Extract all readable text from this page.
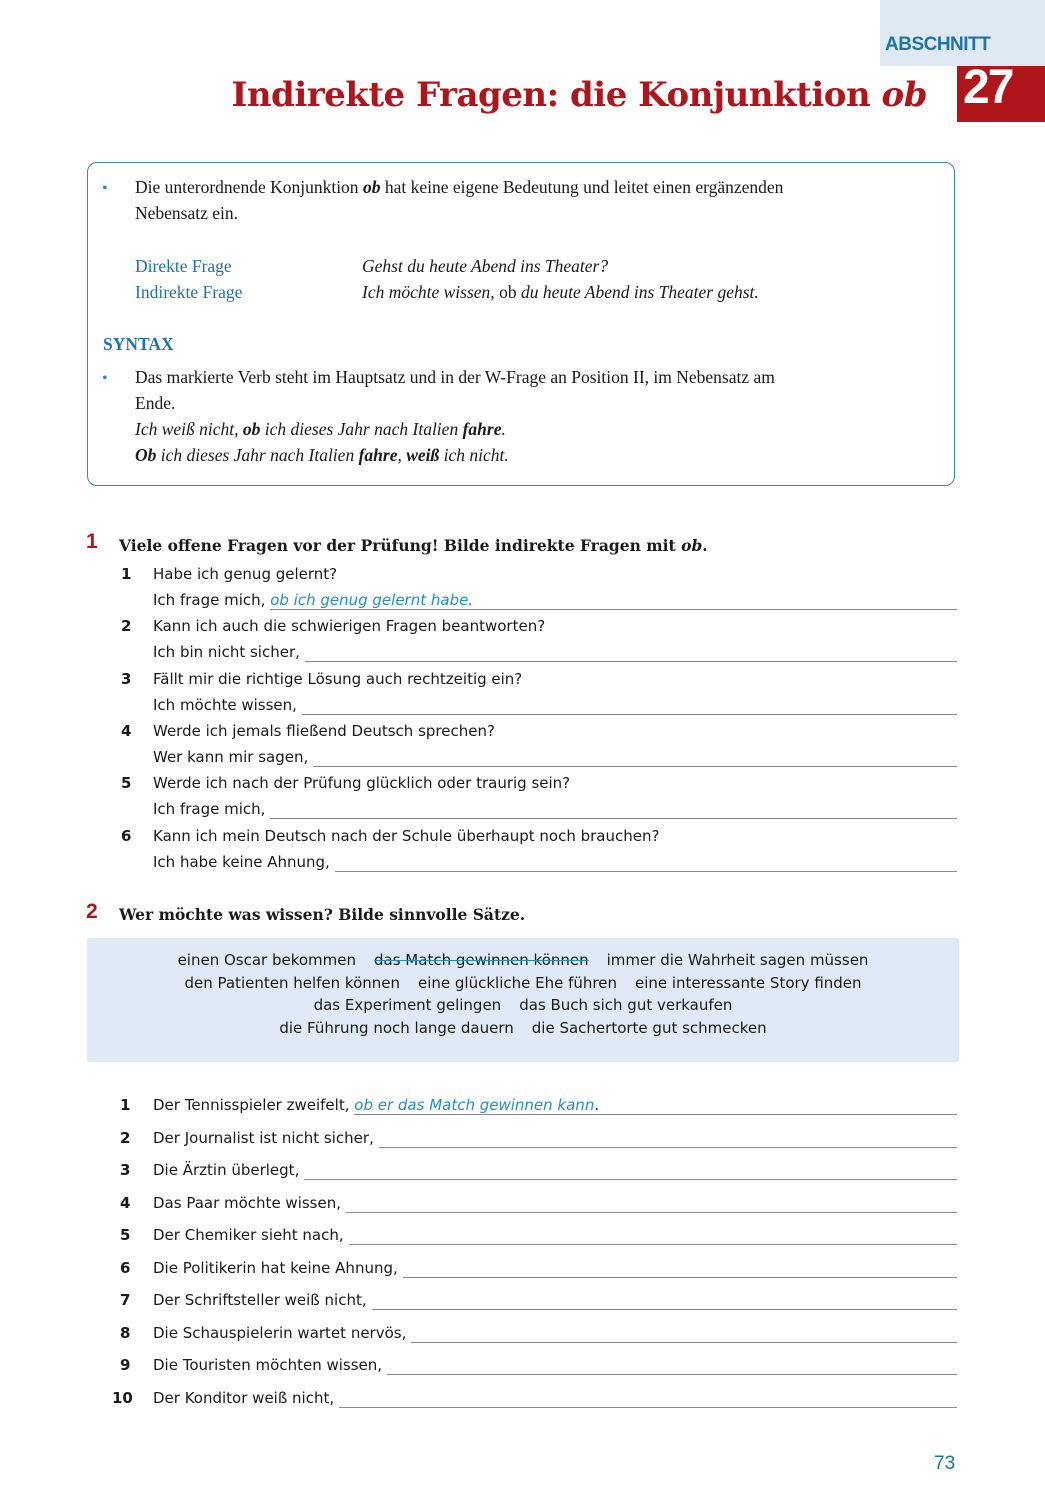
ABSCHNITT
27
Indirekte Fragen: die Konjunktion ob
• Die unterordnende Konjunktion ob hat keine eigene Bedeutung und leitet einen ergänzenden
Nebensatz ein.
Direkte Frage	Gehst du heute Abend ins Theater?
Indirekte Frage	Ich möchte wissen, ob du heute Abend ins Theater gehst.
SYNTAX
• Das markierte Verb steht im Hauptsatz und in der W-Frage an Position II, im Nebensatz am
Ende.
Ich weiß nicht, ob ich dieses Jahr nach Italien fahre.
Ob ich dieses Jahr nach Italien fahre, weiß ich nicht.
1 Viele offene Fragen vor der Prüfung! Bilde indirekte Fragen mit ob.
1 Habe ich genug gelernt?
Ich frage mich, ob ich genug gelernt habe.
2 Kann ich auch die schwierigen Fragen beantworten?
Ich bin nicht sicher,
3 Fällt mir die richtige Lösung auch rechtzeitig ein?
Ich möchte wissen,
4 Werde ich jemals fließend Deutsch sprechen?
Wer kann mir sagen,
5 Werde ich nach der Prüfung glücklich oder traurig sein?
Ich frage mich,
6 Kann ich mein Deutsch nach der Schule überhaupt noch brauchen?
Ich habe keine Ahnung,
2 Wer möchte was wissen? Bilde sinnvolle Sätze.
einen Oscar bekommen das Match gewinnen können immer die Wahrheit sagen müssen
den Patienten helfen können eine glückliche Ehe führen eine interessante Story finden
das Experiment gelingen das Buch sich gut verkaufen
die Führung noch lange dauern die Sachertorte gut schmecken
1 Der Tennisspieler zweifelt, ob er das Match gewinnen kann.
2 Der Journalist ist nicht sicher,
3 Die Ärztin überlegt,
4 Das Paar möchte wissen,
5 Der Chemiker sieht nach,
6 Die Politikerin hat keine Ahnung,
7 Der Schriftsteller weiß nicht,
8 Die Schauspielerin wartet nervös,
9 Die Touristen möchten wissen,
10 Der Konditor weiß nicht,
73
